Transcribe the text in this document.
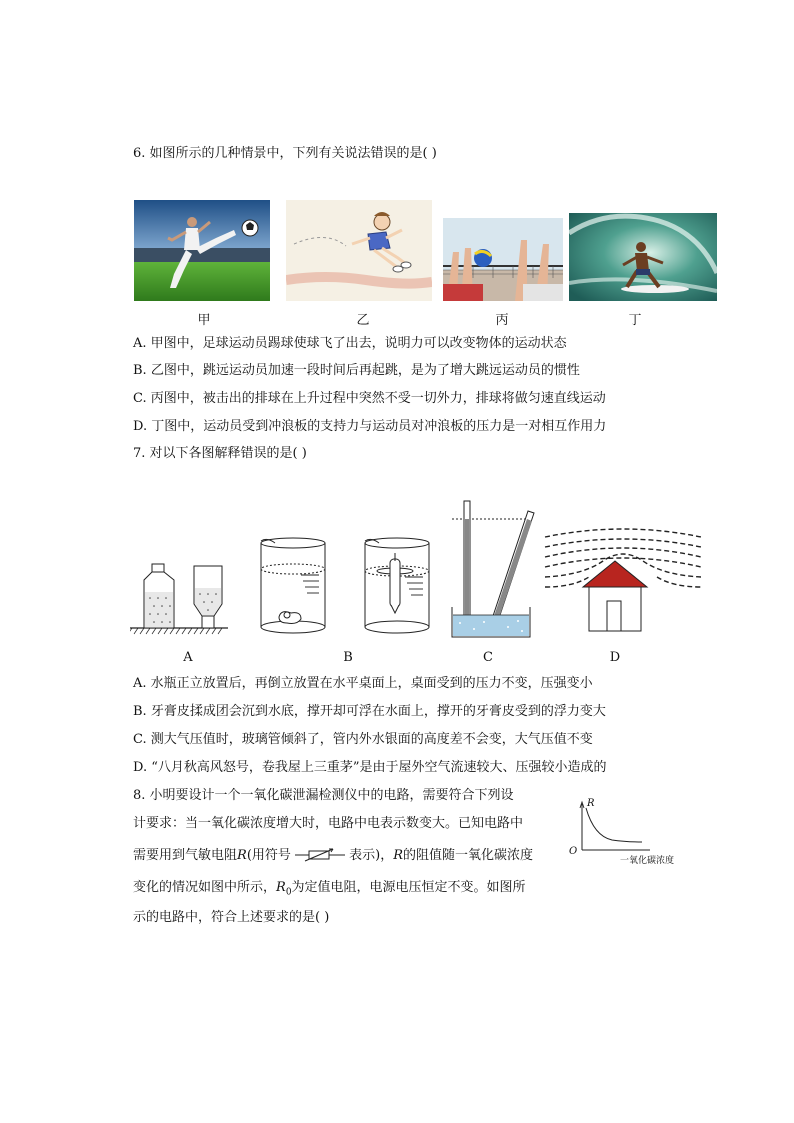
6. 如图所示的几种情景中，下列有关说法错误的是( )
甲	乙	丙	丁
A. 甲图中，足球运动员踢球使球飞了出去，说明力可以改变物体的运动状态
B. 乙图中，跳远运动员加速一段时间后再起跳，是为了增大跳远运动员的惯性
C. 丙图中，被击出的排球在上升过程中突然不受一切外力，排球将做匀速直线运动
D. 丁图中，运动员受到冲浪板的支持力与运动员对冲浪板的压力是一对相互作用力
7. 对以下各图解释错误的是( )
A	B	C	D
A. 水瓶正立放置后，再倒立放置在水平桌面上，桌面受到的压力不变，压强变小
B. 牙膏皮揉成团会沉到水底，撑开却可浮在水面上，撑开的牙膏皮受到的浮力变大
C. 测大气压值时，玻璃管倾斜了，管内外水银面的高度差不会变，大气压值不变
D. “八月秋高风怒号，卷我屋上三重茅”是由于屋外空气流速较大、压强较小造成的
8. 小明要设计一个一氧化碳泄漏检测仪中的电路，需要符合下列设
计要求：当一氧化碳浓度增大时，电路中电表示数变大。已知电路中
需要用到气敏电阻R(用符号	表示)，R的阻值随一氧化碳浓度
变化的情况如图中所示，$R_0$为定值电阻，电源电压恒定不变。如图所
示的电路中，符合上述要求的是( )
R
O
一氧化碳浓度
